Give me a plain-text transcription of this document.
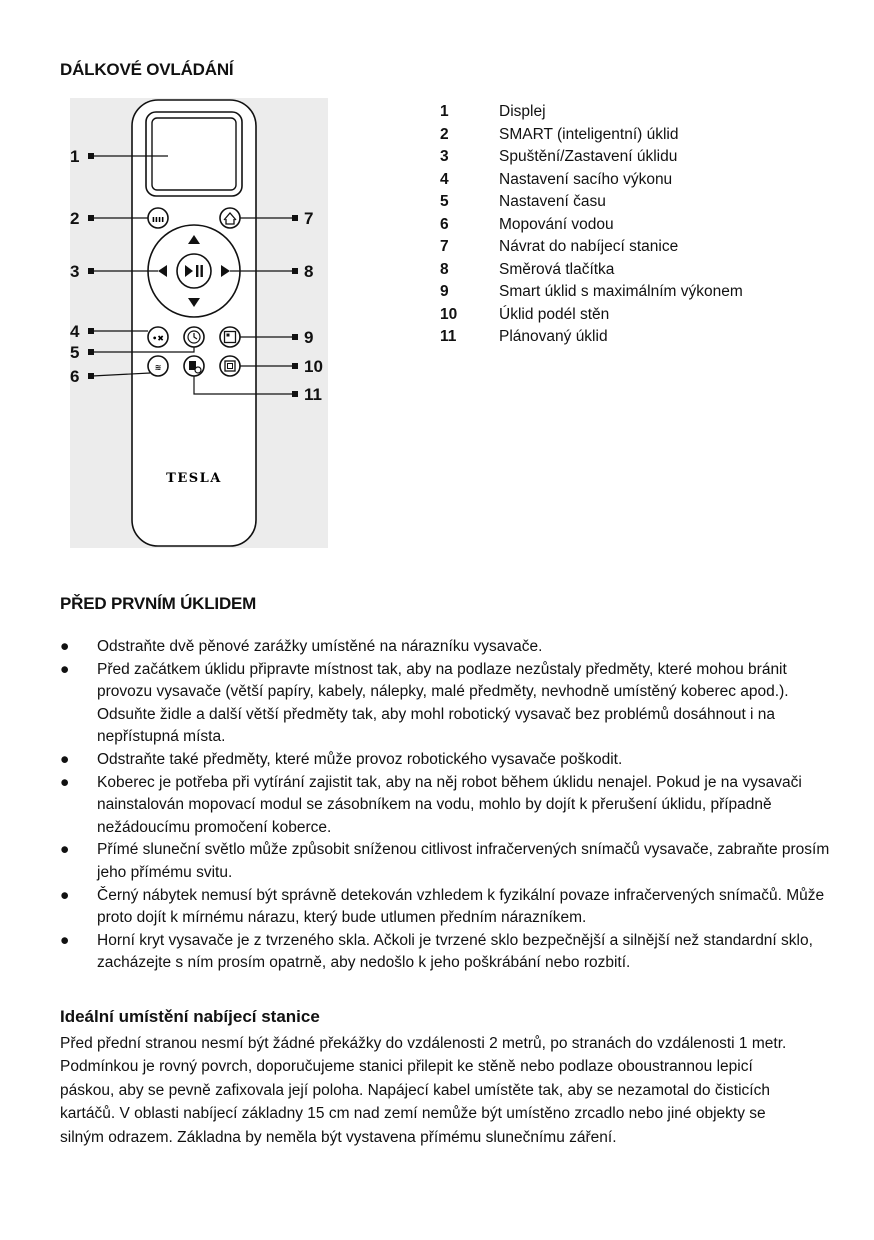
DÁLKOVÉ OVLÁDÁNÍ
ıııı
•✖
≋
TESLA
1
2
3
4
5
6
7
8
9
10
11
1	Displej
2	SMART (inteligentní) úklid
3	Spuštění/Zastavení úklidu
4	Nastavení sacího výkonu
5	Nastavení času
6	Mopování vodou
7	Návrat do nabíjecí stanice
8	Směrová tlačítka
9	Smart úklid s maximálním výkonem
10	Úklid podél stěn
11	Plánovaný úklid
PŘED PRVNÍM ÚKLIDEM
● Odstraňte dvě pěnové zarážky umístěné na nárazníku vysavače.
● Před začátkem úklidu připravte místnost tak, aby na podlaze nezůstaly předměty, které mohou bránit provozu vysavače (větší papíry, kabely, nálepky, malé předměty, nevhodně umístěný koberec apod.). Odsuňte židle a další větší předměty tak, aby mohl robotický vysavač bez problémů dosáhnout i na nepřístupná místa.
● Odstraňte také předměty, které může provoz robotického vysavače poškodit.
● Koberec je potřeba při vytírání zajistit tak, aby na něj robot během úklidu nenajel. Pokud je na vysavači nainstalován mopovací modul se zásobníkem na vodu, mohlo by dojít k přerušení úklidu, případně nežádoucímu promočení koberce.
● Přímé sluneční světlo může způsobit sníženou citlivost infračervených snímačů vysavače, zabraňte prosím jeho přímému svitu.
● Černý nábytek nemusí být správně detekován vzhledem k fyzikální povaze infračervených snímačů. Může proto dojít k mírnému nárazu, který bude utlumen předním nárazníkem.
● Horní kryt vysavače je z tvrzeného skla. Ačkoli je tvrzené sklo bezpečnější a silnější než standardní sklo, zacházejte s ním prosím opatrně, aby nedošlo k jeho poškrábání nebo rozbití.
Ideální umístění nabíjecí stanice
Před přední stranou nesmí být žádné překážky do vzdálenosti 2 metrů, po stranách do vzdálenosti 1 metr. Podmínkou je rovný povrch, doporučujeme stanici přilepit ke stěně nebo podlaze oboustrannou lepicí páskou, aby se pevně zafixovala její poloha. Napájecí kabel umístěte tak, aby se nezamotal do čisticích kartáčů. V oblasti nabíjecí základny 15 cm nad zemí nemůže být umístěno zrcadlo nebo jiné objekty se silným odrazem. Základna by neměla být vystavena přímému slunečnímu záření.
